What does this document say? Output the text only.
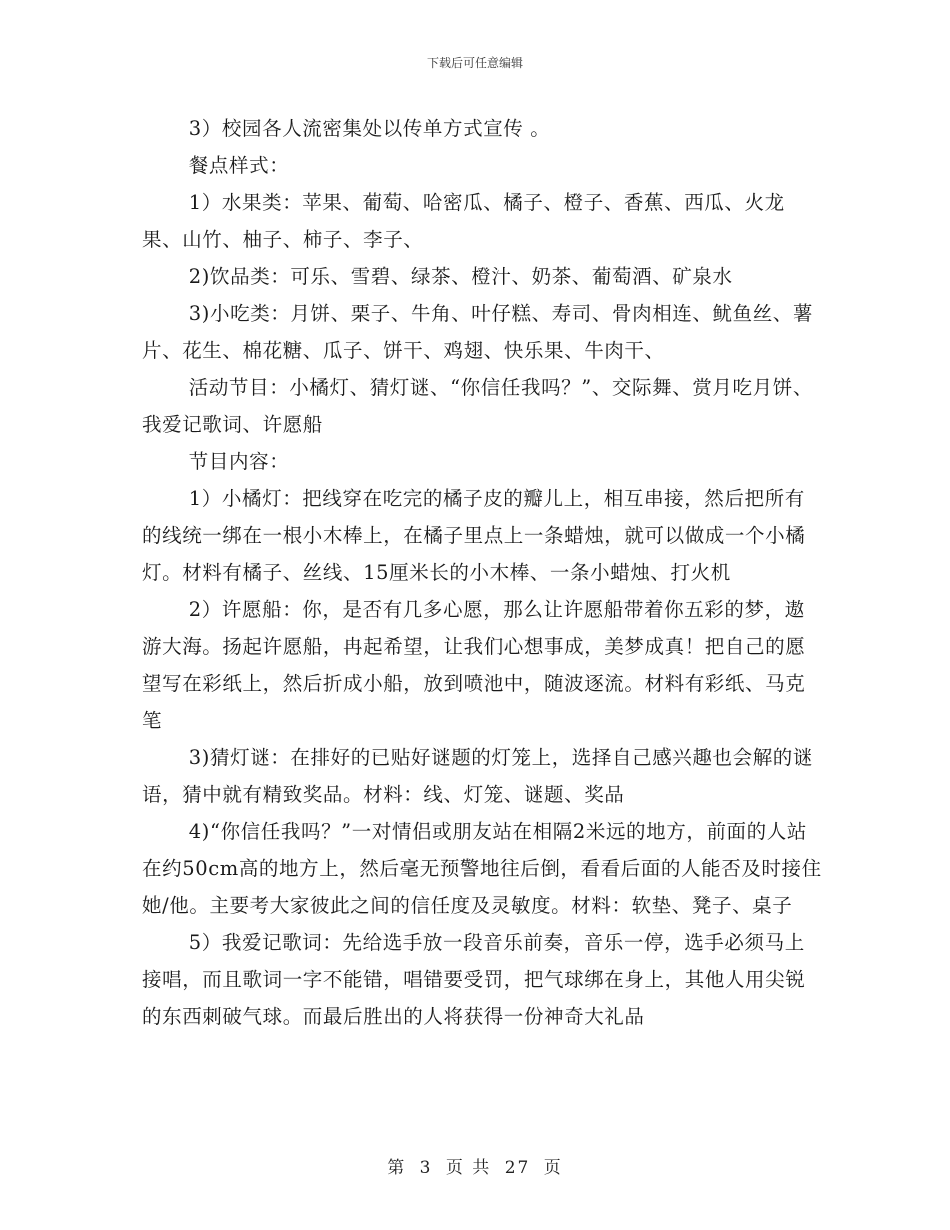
下载后可任意编辑

3）校园各人流密集处以传单方式宣传 。

餐点样式：

1）水果类：苹果、葡萄、哈密瓜、橘子、橙子、香蕉、西瓜、火龙果、山竹、柚子、柿子、李子、

2)饮品类：可乐、雪碧、绿茶、橙汁、奶茶、葡萄酒、矿泉水

3)小吃类：月饼、栗子、牛角、叶仔糕、寿司、骨肉相连、鱿鱼丝、薯片、花生、棉花糖、瓜子、饼干、鸡翅、快乐果、牛肉干、

活动节目：小橘灯、猜灯谜、“你信任我吗？”、交际舞、赏月吃月饼、我爱记歌词、许愿船

节目内容：

1）小橘灯：把线穿在吃完的橘子皮的瓣儿上，相互串接，然后把所有的线统一绑在一根小木棒上，在橘子里点上一条蜡烛，就可以做成一个小橘灯。材料有橘子、丝线、15厘米长的小木棒、一条小蜡烛、打火机

2）许愿船：你，是否有几多心愿，那么让许愿船带着你五彩的梦，遨游大海。扬起许愿船，冉起希望，让我们心想事成，美梦成真！把自己的愿望写在彩纸上，然后折成小船，放到喷池中，随波逐流。材料有彩纸、马克笔

3)猜灯谜：在排好的已贴好谜题的灯笼上，选择自己感兴趣也会解的谜语，猜中就有精致奖品。材料：线、灯笼、谜题、奖品

4)“你信任我吗？”一对情侣或朋友站在相隔2米远的地方，前面的人站在约50cm高的地方上，然后毫无预警地往后倒，看看后面的人能否及时接住她/他。主要考大家彼此之间的信任度及灵敏度。材料：软垫、凳子、桌子

5）我爱记歌词：先给选手放一段音乐前奏，音乐一停，选手必须马上接唱，而且歌词一字不能错，唱错要受罚，把气球绑在身上，其他人用尖锐的东西刺破气球。而最后胜出的人将获得一份神奇大礼品

第 3 页 共 27 页
